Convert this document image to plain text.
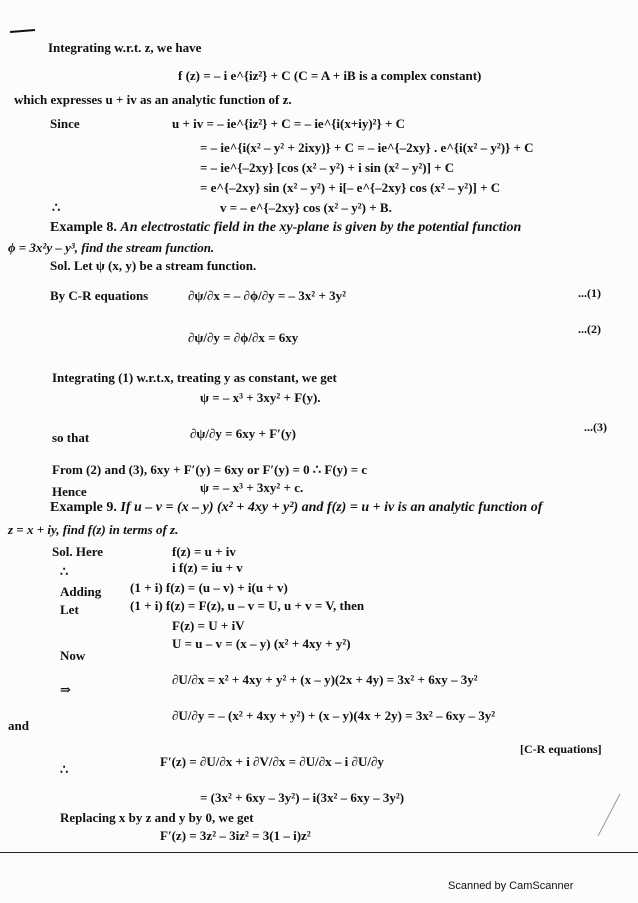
Integrating w.r.t. z, we have
f (z) = – i e^{iz²} + C (C = A + iB is a complex constant)
which expresses u + iv as an analytic function of z.
Since	u + iv = – ie^{iz²} + C = – ie^{i(x+iy)²} + C
= – ie^{i(x² – y² + 2ixy)} + C = – ie^{–2xy} . e^{i(x² – y²)} + C
= – ie^{–2xy} [cos (x² – y²) + i sin (x² – y²)] + C
= e^{–2xy} sin (x² – y²) + i[– e^{–2xy} cos (x² – y²)] + C
∴	v = – e^{–2xy} cos (x² – y²) + B.
Example 8. An electrostatic field in the xy-plane is given by the potential function
ϕ = 3x²y – y³, find the stream function.
Sol. Let ψ (x, y) be a stream function.
By C-R equations	∂ψ/∂x = – ∂ϕ/∂y = – 3x² + 3y²	...(1)
∂ψ/∂y = ∂ϕ/∂x = 6xy
...(2)
Integrating (1) w.r.t.x, treating y as constant, we get
ψ = – x³ + 3xy² + F(y).
so that	∂ψ/∂y = 6xy + F′(y)	...(3)
From (2) and (3), 6xy + F′(y) = 6xy or F′(y) = 0 ∴ F(y) = c
Hence	ψ = – x³ + 3xy² + c.
Example 9. If u – v = (x – y) (x² + 4xy + y²) and f(z) = u + iv is an analytic function of
z = x + iy, find f(z) in terms of z.
Sol. Here	f(z) = u + iv
∴	i f(z) = iu + v
Adding (1 + i) f(z) = (u – v) + i(u + v)
Let	(1 + i) f(z) = F(z), u – v = U, u + v = V, then
F(z) = U + iV
Now
U = u – v = (x – y) (x² + 4xy + y²)
⇒
∂U/∂x = x² + 4xy + y² + (x – y)(2x + 4y) = 3x² + 6xy – 3y²
and
∂U/∂y = – (x² + 4xy + y²) + (x – y)(4x + 2y) = 3x² – 6xy – 3y²
∴
F′(z) = ∂U/∂x + i ∂V/∂x = ∂U/∂x – i ∂U/∂y
[C-R equations]
= (3x² + 6xy – 3y²) – i(3x² – 6xy – 3y²)
Replacing x by z and y by 0, we get
F′(z) = 3z² – 3iz² = 3(1 – i)z²
Scanned by CamScanner
